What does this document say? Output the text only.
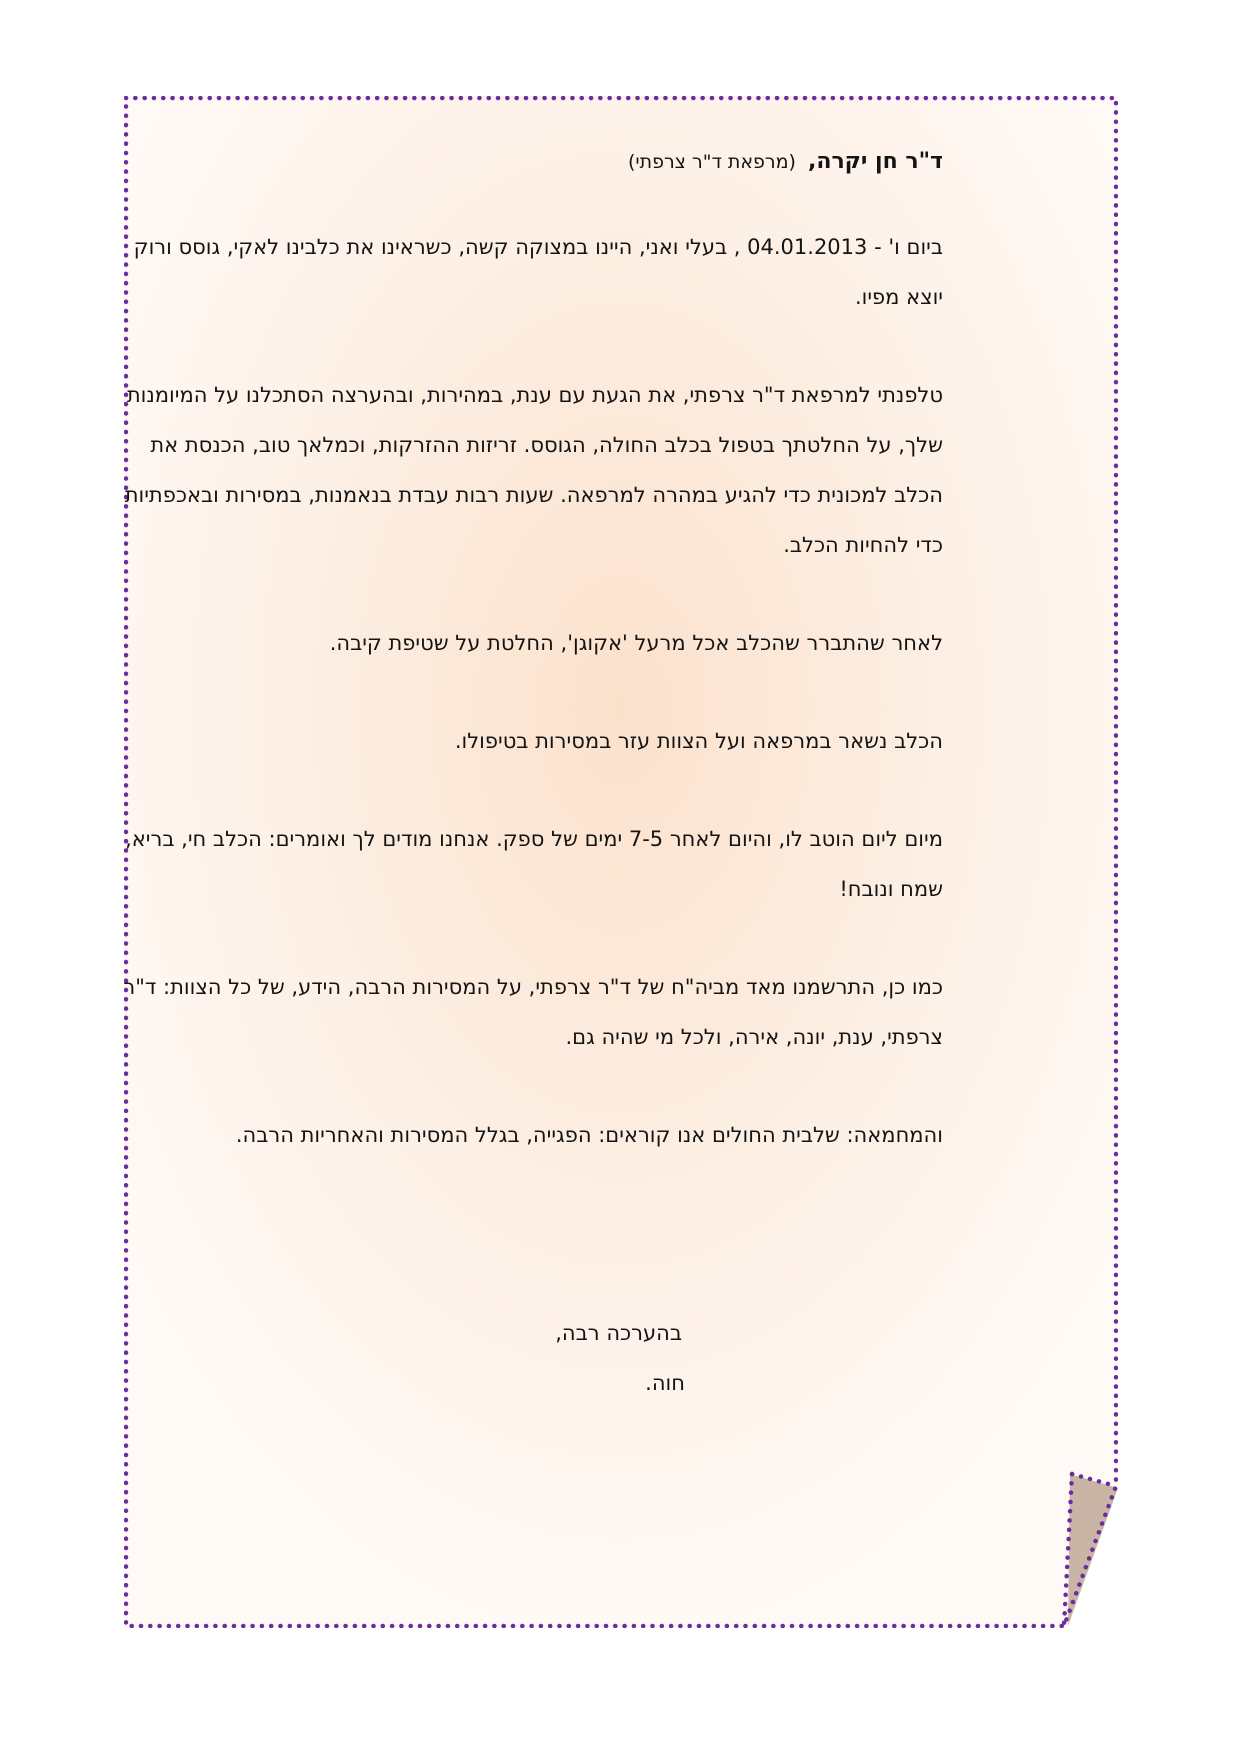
ד"ר חן יקרה,(מרפאת ד"ר צרפתי)
ביום ו' - 04.01.2013 , בעלי ואני, היינו במצוקה קשה, כשראינו את כלבינו לאקי, גוסס ורוק
יוצא מפיו.
טלפנתי למרפאת ד"ר צרפתי, את הגעת עם ענת, במהירות, ובהערצה הסתכלנו על המיומנות
שלך, על החלטתך בטפול בכלב החולה, הגוסס. זריזות ההזרקות, וכמלאך טוב, הכנסת את
הכלב למכונית כדי להגיע במהרה למרפאה. שעות רבות עבדת בנאמנות, במסירות ובאכפתיות
כדי להחיות הכלב.
לאחר שהתברר שהכלב אכל מרעל 'אקוגן', החלטת על שטיפת קיבה.
הכלב נשאר במרפאה ועל הצוות עזר במסירות בטיפולו.
מיום ליום הוטב לו, והיום לאחר 7-5 ימים של ספק. אנחנו מודים לך ואומרים: הכלב חי, בריא,
שמח ונובח!
כמו כן, התרשמנו מאד מביה"ח של ד"ר צרפתי, על המסירות הרבה, הידע, של כל הצוות: ד"ר
צרפתי, ענת, יונה, אירה, ולכל מי שהיה גם.
והמחמאה: שלבית החולים אנו קוראים: הפגייה, בגלל המסירות והאחריות הרבה.
בהערכה רבה,
חוה.
